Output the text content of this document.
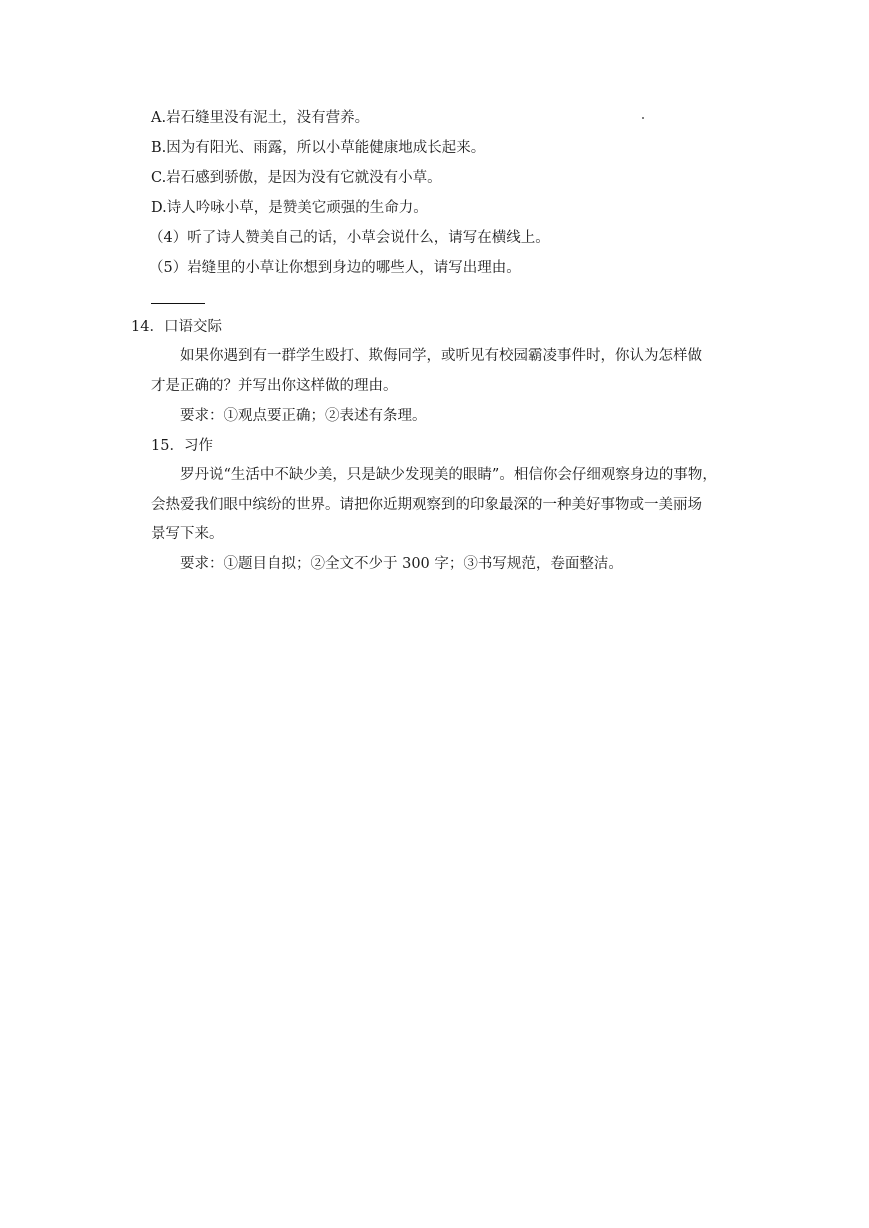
A.岩石缝里没有泥土，没有营养。
B.因为有阳光、雨露，所以小草能健康地成长起来。
C.岩石感到骄傲，是因为没有它就没有小草。
D.诗人吟咏小草，是赞美它顽强的生命力。
（4）听了诗人赞美自己的话，小草会说什么，请写在横线上。
（5）岩缝里的小草让你想到身边的哪些人，请写出理由。
14．口语交际
如果你遇到有一群学生殴打、欺侮同学，或听见有校园霸凌事件时，你认为怎样做
才是正确的？并写出你这样做的理由。
要求：①观点要正确；②表述有条理。
15．习作
罗丹说“生活中不缺少美，只是缺少发现美的眼睛”。相信你会仔细观察身边的事物，
会热爱我们眼中缤纷的世界。请把你近期观察到的印象最深的一种美好事物或一美丽场
景写下来。
要求：①题目自拟；②全文不少于 300 字；③书写规范，卷面整洁。
